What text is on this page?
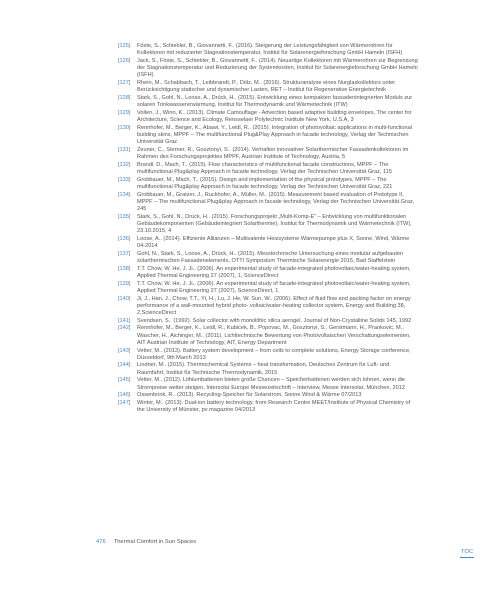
[125]	Föste, S., Schiebler, B., Giovannetti, F.. (2016). Steigerung der Leistungsfähigkeit von Wärmerohren für Kollektoren mit reduzierter Stagnationstemperatur, Institut für Solarenergieforschung GmbH Hameln (ISFH)
[126]	Jack, S., Föste, S., Schiebler, B., Giovannetti, F.. (2014). Neuartige Kollektoren mit Wärmerohren zur Begrenzung der Stagnationstemperatur und Reduzierung der Systemkosten, Institut für Solarenergieforschung GmbH Hameln (ISFH)
[127]	Rhein, M., Schabbach, T., Leibbrandt, P., Dölz, M.. (2016). Strukturanalyse eines Nurglaskollektors unter Berücksichtigung statischer und dynamischer Lasten, RET – Institut für Regenerative Energietechnik
[128]	Stark, S., Gohl, N., Loose, A., Drück, H.. (2015). Entwicklung eines kompakten fassadenintegrierten Moduls zur solaren Trinkwassererwärmung, Institut für Thermodynamik und Wärmetechnik (ITW)
[129]	Vollen, J., Winn, K.. (2013). Climate Camouflage - Advection based adaptive building envelopes, The center for Architecture, Science and Ecology, Rensselaer Polytechnic Institute New York, U.S.A, 3
[130]	Rennhofer, M., Berger, K., Abawi, Y., Leidl, R.. (2015). Integration of photovoltaic applications in multi-functional building skins, MPPF – The multifunctional Plug&Play Approach in facade technology, Verlag der Technischen Universität Graz
[131]	Zeuner, C., Sterner, R., Gosztonyi, S.. (2014). Verhalten innovativer Solarthermischer Fassadenkollektoren im Rahmen des Forschungsprojektes MPPF, Austrian Institute of Technology, Austria, 5
[132]	Brandl. D., Mach, T.. (2015). Flow characteristics of multifunctional facade constructions, MPPF – The multifunctional Plug&play Approach in facade technology, Verlag der Technischen Universität Graz, 115
[133]	Grobbauer, M., Mach, T.. (2015). Design and implementation of the physical prototypes, MPPF – The multifunctional Plug&play Approach in facade technology, Verlag der Technischen Universität Graz, 221
[134]	Grobbauer, M., Gratzer, J., Ruckhofer, A., Müller, M.. (2015). Measurement based evaluation of Prototype II, MPPF – The multifunctional Plug&play Approach in facade technology, Verlag der Technischen Universität Graz, 245
[135]	Stark, S., Gohl, N., Drück, H.. (2015). Forschungsprojekt „Multi-Komp-E“ – Entwicklung von multifunktionalen Gebäudekomponenten (Gebäudeintegriert Solarthermie), Institut für Thermodynamik und Wärmetechnik (ITW), 23.10.2015, 4
[136]	Loose, A.. (2014). Effiziente Allianzen – Multivalente Heizsysteme Wärmepumpe plus X, Sonne, Wind, Wärme 04-2014
[137]	Gohl, N., Stark, S., Loose, A., Drück, H.. (2015). Messtechnische Untersuchung eines modular aufgebauten solarthermischen Fassadenelements, OTTI Symposium Thermische Solarenergie 2015, Bad Staffelstein
[138]	T.T. Chow, W. He, J. Ji.. (2006). An experimental study of facade-integrated photovoltaic/water-heating system, Applied Thermal Engineering 27 (2007), 1, ScienceDirect
[139]	T.T. Chow, W. He, J. Ji.. (2006). An experimental study of facade-integrated photovoltaic/water-heating system, Applied Thermal Engineering 27 (2007), ScienceDirect, 1
[140]	Ji, J., Han, J., Chow, T.T., Yi, H., Lu, J. He, W. Sun, W.. (2006). Effect of fluid flow and packing factor on energy performance of a wall-mounted hybrid photo- voltaic/water-heating collector system, Energy and Building 38, 2,ScienceDirect
[141]	Svendsen, S.. (1992). Solar collector with monolithic silica aerogel. Journal of Non-Crystalline Solids 145, 1992
[142]	Rennhofer, M., Berger, K., Leidl, R., Kubicek, B., Popovac, M., Gosztonyi, S., Gerstmann, H., Prankovic, M., Wascher, H., Aichinger, M.. (2011). Lichttechnische Bewertung von Photovoltaischen Verschattungselementen, AIT Austrian Institute of Technology, AIT, Energy Department
[143]	Vetter, M.. (2013). Battery system development – from cells to complete solutions, Energy Storage conference, Düsseldorf, 9th March 2013
[144]	Lindner, M.. (2015). Thermochemical Systems – heat transformation, Deutsches Zentrum für Luft- und Raumfahrt, Institut für Technische Thermodynamik, 2015
[145]	Vetter, M.. (2012). Lithiumbatterien bieten große Chancen – Speicherbatterien werden sich lohnen, wenn die Strompreise weiter steigen, Intersolar Europe Messezeitschrift – Interview, Messe Intersolar, München, 2012
[146]	Ossenbrink, R.. (2013). Recycling-Speicher für Solarstrom, Sonne Wind & Wärme 07/2013
[147]	Winter, M.. (2013). Dual-ion battery technology, from Research Centre MEET/Institute of Physical Chemistry of the University of Münster, pv magazine 04/2013
476 Thermal Comfort in Sun Spaces
TOC
